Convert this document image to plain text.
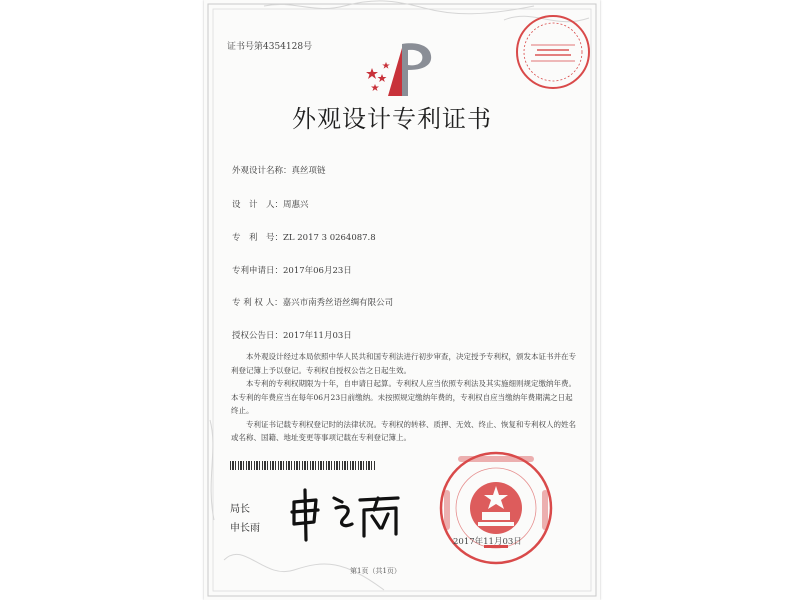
证书号第4354128号
外观设计专利证书
外观设计名称：真丝项链
设　计　人：周惠兴
专　利　号：ZL 2017 3 0264087.8
专利申请日：2017年06月23日
专 利 权 人：嘉兴市南秀丝语丝绸有限公司
授权公告日：2017年11月03日

本外观设计经过本局依照中华人民共和国专利法进行初步审查，决定授予专利权，颁发本证书并在专利登记簿上予以登记。专利权自授权公告之日起生效。

本专利的专利权期限为十年，自申请日起算。专利权人应当依照专利法及其实施细则规定缴纳年费。本专利的年费应当在每年06月23日前缴纳。未按照规定缴纳年费的，专利权自应当缴纳年费期满之日起终止。

专利证书记载专利权登记时的法律状况。专利权的转移、质押、无效、终止、恢复和专利权人的姓名或名称、国籍、地址变更等事项记载在专利登记簿上。

局长
申长雨
2017年11月03日
第1页（共1页）
